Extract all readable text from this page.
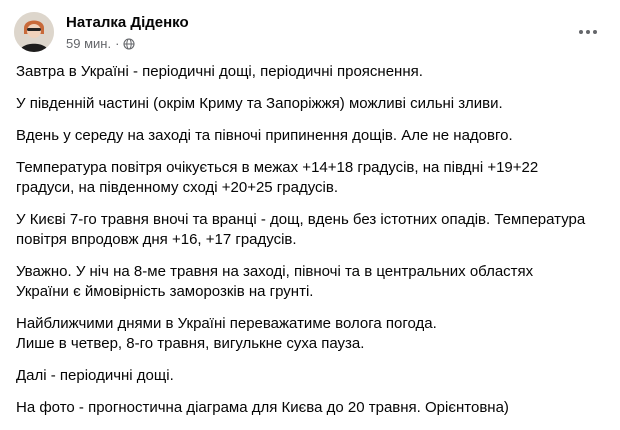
Наталка Діденко
59 мин. ·

Завтра в Україні - періодичні дощі, періодичні прояснення.

У південній частині (окрім Криму та Запоріжжя) можливі сильні зливи.

Вдень у середу на заході та півночі припинення дощів. Але не надовго.

Температура повітря очікується в межах +14+18 градусів, на півдні +19+22
градуси, на південному сході +20+25 градусів.

У Києві 7-го травня вночі та вранці - дощ, вдень без істотних опадів. Температура
повітря впродовж дня +16, +17 градусів.

Уважно. У ніч на 8-ме травня на заході, півночі та в центральних областях
України є ймовірність заморозків на грунті.

Найближчими днями в Україні переважатиме волога погода.
Лише в четвер, 8-го травня, вигулькне суха пауза.

Далі - періодичні дощі.

На фото - прогностична діаграма для Києва до 20 травня. Орієнтовна)
